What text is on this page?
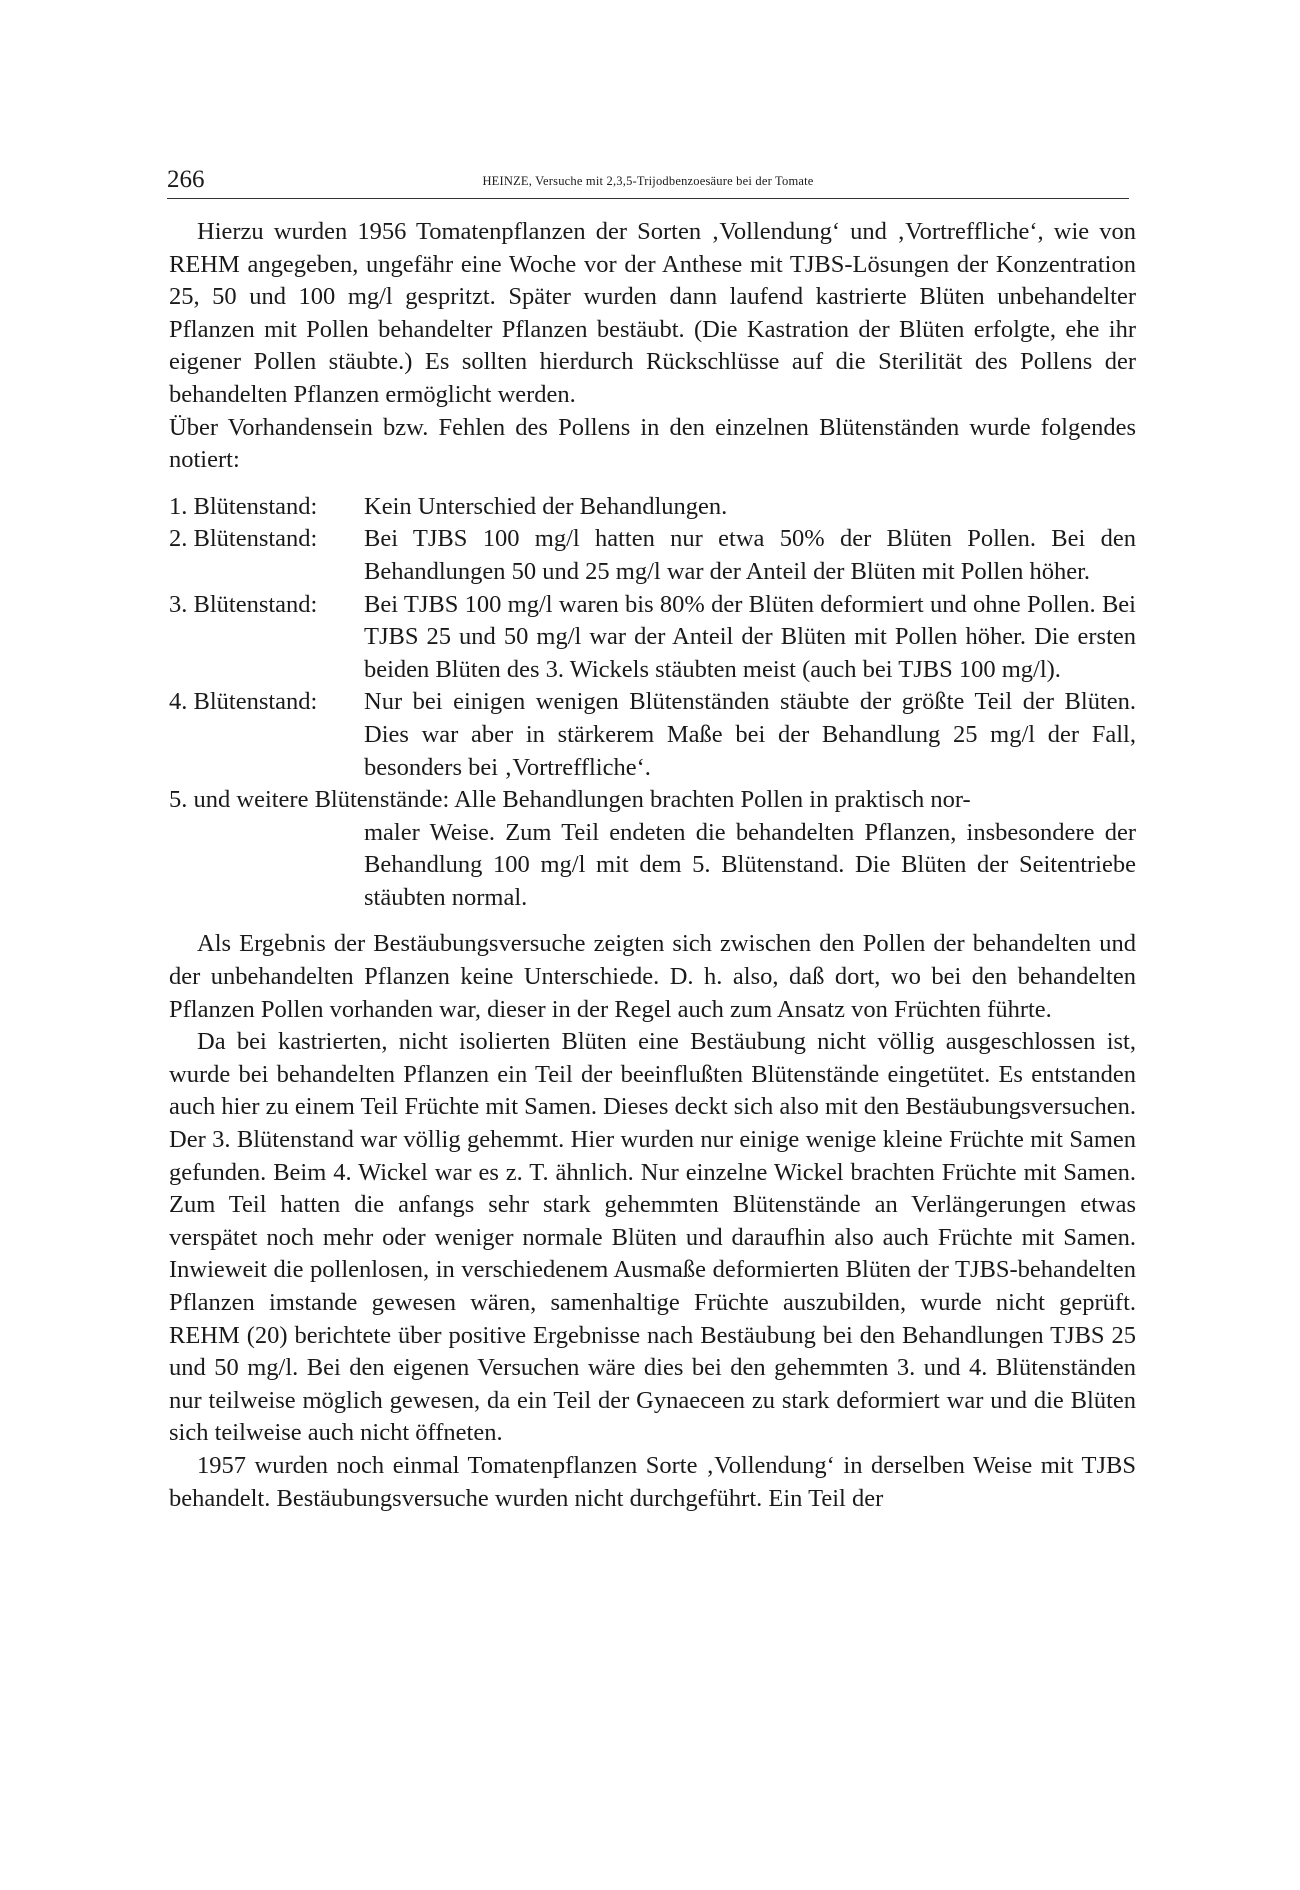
266	HEINZE, Versuche mit 2,3,5-Trijodbenzoesäure bei der Tomate

Hierzu wurden 1956 Tomatenpflanzen der Sorten ‚Vollendung‘ und ‚Vortreffliche‘, wie von REHM angegeben, ungefähr eine Woche vor der Anthese mit TJBS-Lösungen der Konzentration 25, 50 und 100 mg/l gespritzt. Später wurden dann laufend kastrierte Blüten unbehandelter Pflanzen mit Pollen behandelter Pflanzen bestäubt. (Die Kastration der Blüten erfolgte, ehe ihr eigener Pollen stäubte.) Es sollten hierdurch Rückschlüsse auf die Sterilität des Pollens der behandelten Pflanzen ermöglicht werden.

Über Vorhandensein bzw. Fehlen des Pollens in den einzelnen Blütenständen wurde folgendes notiert:

1. Blütenstand:	Kein Unterschied der Behandlungen.
2. Blütenstand:	Bei TJBS 100 mg/l hatten nur etwa 50% der Blüten Pollen. Bei den Behandlungen 50 und 25 mg/l war der Anteil der Blüten mit Pollen höher.
3. Blütenstand:	Bei TJBS 100 mg/l waren bis 80% der Blüten deformiert und ohne Pollen. Bei TJBS 25 und 50 mg/l war der Anteil der Blüten mit Pollen höher. Die ersten beiden Blüten des 3. Wickels stäubten meist (auch bei TJBS 100 mg/l).
4. Blütenstand:	Nur bei einigen wenigen Blütenständen stäubte der größte Teil der Blüten. Dies war aber in stärkerem Maße bei der Behandlung 25 mg/l der Fall, besonders bei ‚Vortreffliche‘.
5. und weitere Blütenstände: Alle Behandlungen brachten Pollen in praktisch nor-
maler Weise. Zum Teil endeten die behandelten Pflanzen, insbesondere der Behandlung 100 mg/l mit dem 5. Blütenstand. Die Blüten der Seitentriebe stäubten normal.

Als Ergebnis der Bestäubungsversuche zeigten sich zwischen den Pollen der behandelten und der unbehandelten Pflanzen keine Unterschiede. D. h. also, daß dort, wo bei den behandelten Pflanzen Pollen vorhanden war, dieser in der Regel auch zum Ansatz von Früchten führte.

Da bei kastrierten, nicht isolierten Blüten eine Bestäubung nicht völlig ausgeschlossen ist, wurde bei behandelten Pflanzen ein Teil der beeinflußten Blütenstände eingetütet. Es entstanden auch hier zu einem Teil Früchte mit Samen. Dieses deckt sich also mit den Bestäubungsversuchen. Der 3. Blütenstand war völlig gehemmt. Hier wurden nur einige wenige kleine Früchte mit Samen gefunden. Beim 4. Wickel war es z. T. ähnlich. Nur einzelne Wickel brachten Früchte mit Samen. Zum Teil hatten die anfangs sehr stark gehemmten Blütenstände an Verlängerungen etwas verspätet noch mehr oder weniger normale Blüten und daraufhin also auch Früchte mit Samen. Inwieweit die pollenlosen, in verschiedenem Ausmaße deformierten Blüten der TJBS-behandelten Pflanzen imstande gewesen wären, samenhaltige Früchte auszubilden, wurde nicht geprüft. REHM (20) berichtete über positive Ergebnisse nach Bestäubung bei den Behandlungen TJBS 25 und 50 mg/l. Bei den eigenen Versuchen wäre dies bei den gehemmten 3. und 4. Blütenständen nur teilweise möglich gewesen, da ein Teil der Gynaeceen zu stark deformiert war und die Blüten sich teilweise auch nicht öffneten.

1957 wurden noch einmal Tomatenpflanzen Sorte ‚Vollendung‘ in derselben Weise mit TJBS behandelt. Bestäubungsversuche wurden nicht durchgeführt. Ein Teil der
